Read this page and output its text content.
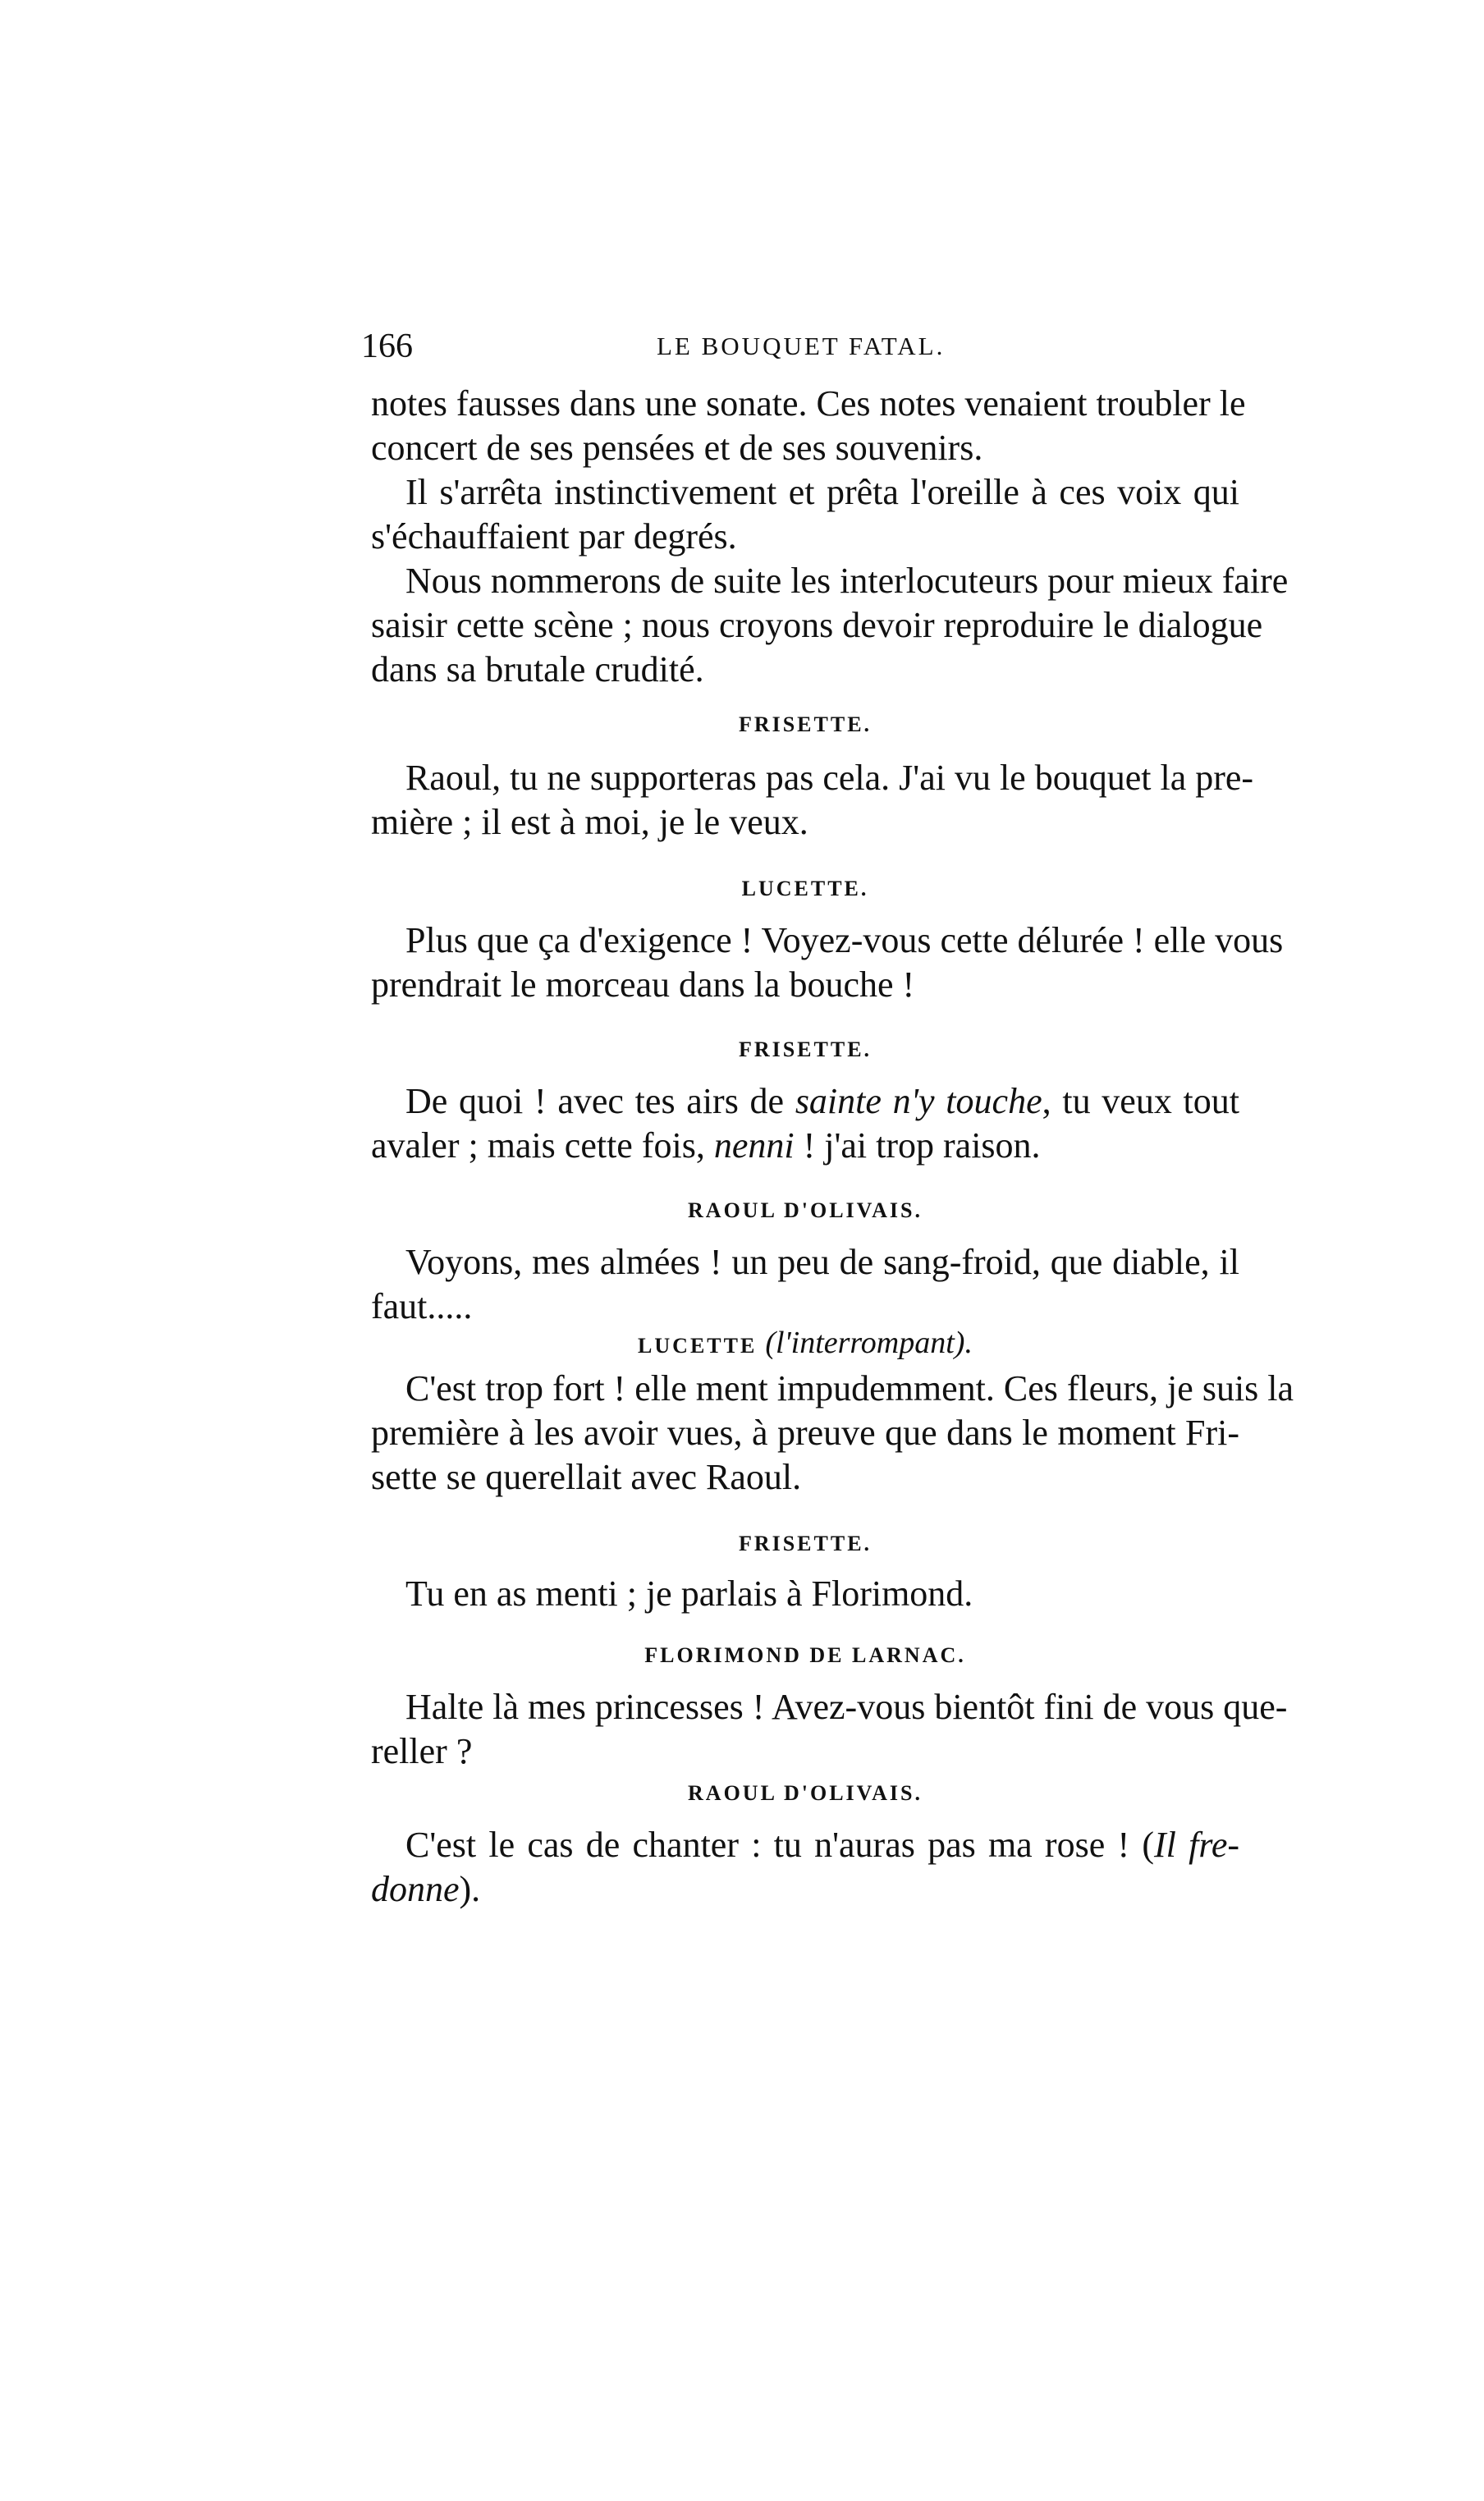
166	LE BOUQUET FATAL.
notes fausses dans une sonate. Ces notes venaient troubler le
concert de ses pensées et de ses souvenirs.
Il s'arrêta instinctivement et prêta l'oreille à ces voix qui
s'échauffaient par degrés.
Nous nommerons de suite les interlocuteurs pour mieux faire
saisir cette scène ; nous croyons devoir reproduire le dialogue
dans sa brutale crudité.
FRISETTE.
Raoul, tu ne supporteras pas cela. J'ai vu le bouquet la pre-
mière ; il est à moi, je le veux.
LUCETTE.
Plus que ça d'exigence ! Voyez-vous cette délurée ! elle vous
prendrait le morceau dans la bouche !
FRISETTE.
De quoi ! avec tes airs de sainte n'y touche, tu veux tout
avaler ; mais cette fois, nenni ! j'ai trop raison.
RAOUL D'OLIVAIS.
Voyons, mes almées ! un peu de sang-froid, que diable, il
faut.....
LUCETTE (l'interrompant).
C'est trop fort ! elle ment impudemment. Ces fleurs, je suis la
première à les avoir vues, à preuve que dans le moment Fri-
sette se querellait avec Raoul.
FRISETTE.
Tu en as menti ; je parlais à Florimond.
FLORIMOND DE LARNAC.
Halte là mes princesses ! Avez-vous bientôt fini de vous que-
reller ?
RAOUL D'OLIVAIS.
C'est le cas de chanter : tu n'auras pas ma rose ! (Il fre-
donne).
